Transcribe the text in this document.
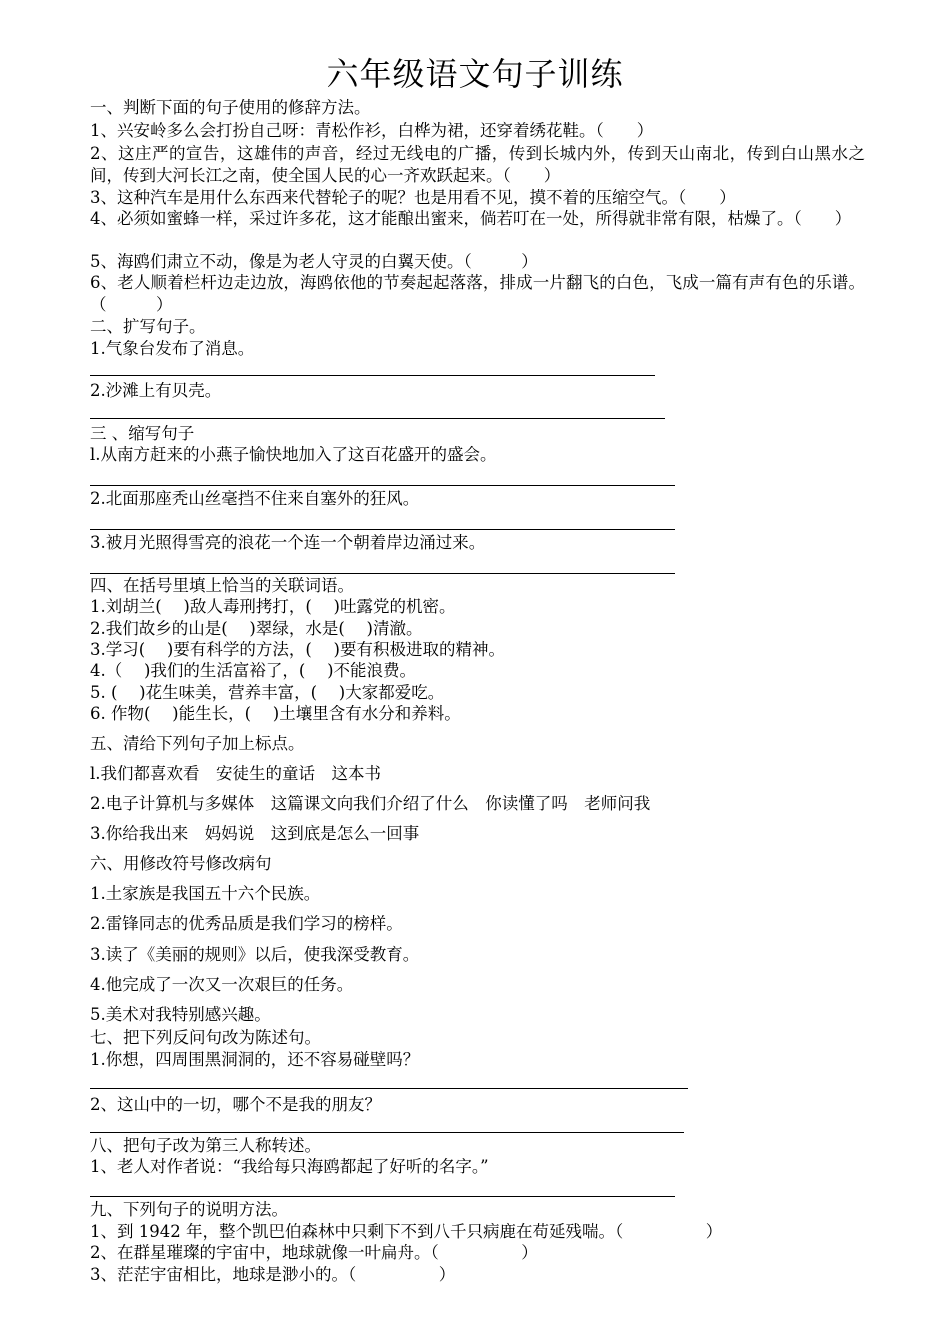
六年级语文句子训练
一、判断下面的句子使用的修辞方法。
1、兴安岭多么会打扮自己呀：青松作衫，白桦为裙，还穿着绣花鞋。（　　）
2、这庄严的宣告，这雄伟的声音，经过无线电的广播，传到长城内外，传到天山南北，传到白山黑水之间，传到大河长江之南，使全国人民的心一齐欢跃起来。（　　）
3、这种汽车是用什么东西来代替轮子的呢？也是用看不见，摸不着的压缩空气。（　　）
4、必须如蜜蜂一样，采过许多花，这才能酿出蜜来，倘若叮在一处，所得就非常有限，枯燥了。（　　）
5、海鸥们肃立不动，像是为老人守灵的白翼天使。（　　　）
6、老人顺着栏杆边走边放，海鸥依他的节奏起起落落，排成一片翻飞的白色，飞成一篇有声有色的乐谱。（　　　）
二、扩写句子。
1.气象台发布了消息。
2.沙滩上有贝壳。
三 、缩写句子
l.从南方赶来的小燕子愉快地加入了这百花盛开的盛会。
2.北面那座秃山丝毫挡不住来自塞外的狂风。
3.被月光照得雪亮的浪花一个连一个朝着岸边涌过来。
四、在括号里填上恰当的关联词语。
1.刘胡兰(　 )敌人毒刑拷打，(　 )吐露党的机密。
2.我们故乡的山是(　 )翠绿，水是(　 )清澈。
3.学习(　 )要有科学的方法，(　 )要有积极进取的精神。
4.（　 )我们的生活富裕了，(　 )不能浪费。
5. (　 )花生味美，营养丰富，(　 )大家都爱吃。
6. 作物(　 )能生长，(　 )土壤里含有水分和养料。
五、清给下列句子加上标点。
l.我们都喜欢看　安徒生的童话　这本书
2.电子计算机与多媒体　这篇课文向我们介绍了什么　你读懂了吗　老师问我
3.你给我出来　妈妈说　这到底是怎么一回事
六、用修改符号修改病句
1.土家族是我国五十六个民族。
2.雷锋同志的优秀品质是我们学习的榜样。
3.读了《美丽的规则》以后，使我深受教育。
4.他完成了一次又一次艰巨的任务。
5.美术对我特别感兴趣。
七、把下列反问句改为陈述句。
1.你想，四周围黑洞洞的，还不容易碰壁吗？
2、这山中的一切，哪个不是我的朋友？
八、把句子改为第三人称转述。
1、老人对作者说：“我给每只海鸥都起了好听的名字。”
九、下列句子的说明方法。
1、到 1942 年，整个凯巴伯森林中只剩下不到八千只病鹿在苟延残喘。（　　　　　）
2、在群星璀璨的宇宙中，地球就像一叶扁舟。（　　　　　）
3、茫茫宇宙相比，地球是渺小的。（　　　　　）
